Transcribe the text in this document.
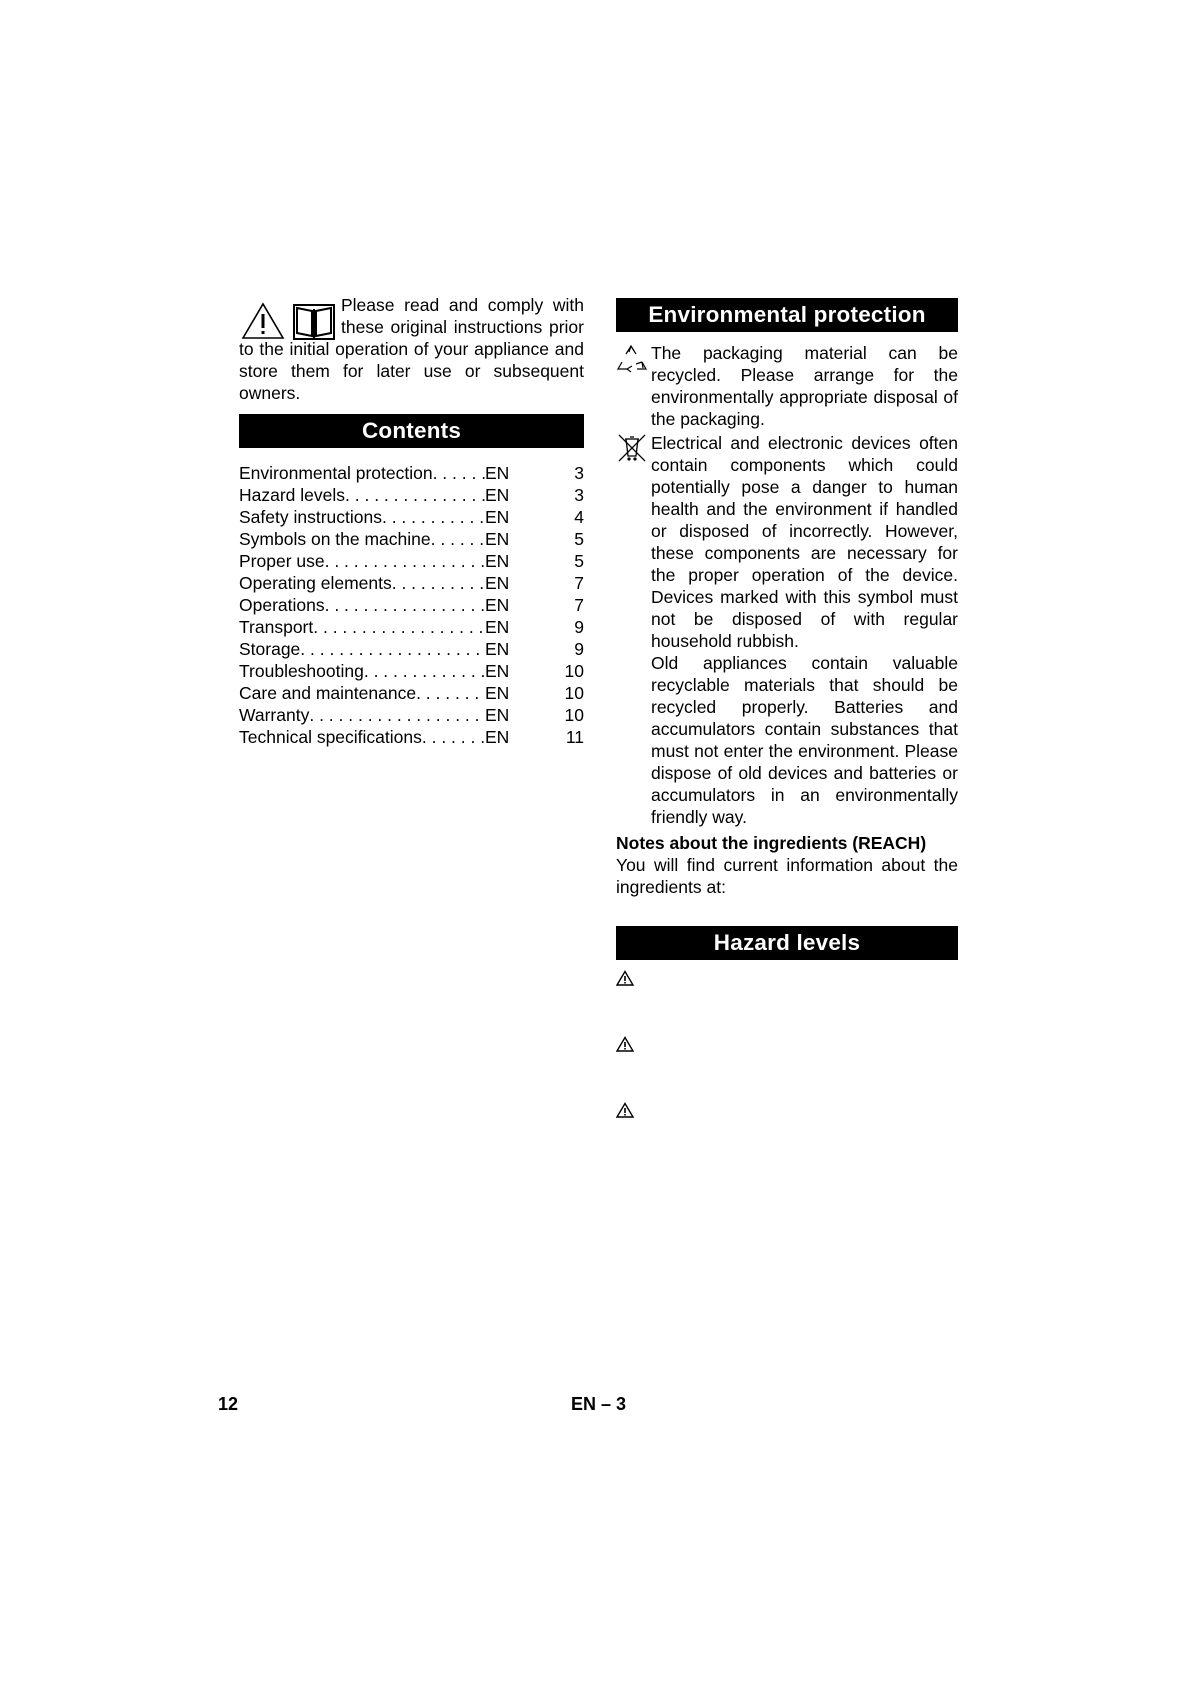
Please read and comply with these original instructions prior to the initial operation of your appliance and store them for later use or subsequent owners.
Contents
Environmental protection . . .	EN	3
Hazard levels . . .	EN	3
Safety instructions . . .	EN	4
Symbols on the machine . . .	EN	5
Proper use . . .	EN	5
Operating elements . . .	EN	7
Operations . . .	EN	7
Transport . . .	EN	9
Storage . . .	EN	9
Troubleshooting . . .	EN	10
Care and maintenance . . .	EN	10
Warranty . . .	EN	10
Technical specifications . . .	EN	11
Environmental protection
The packaging material can be recycled. Please arrange for the environmentally appropriate disposal of the packaging.
Electrical and electronic devices often contain components which could potentially pose a danger to human health and the environment if handled or disposed of incorrectly. However, these components are necessary for the proper operation of the device. Devices marked with this symbol must not be disposed of with regular household rubbish.
Old appliances contain valuable recyclable materials that should be recycled properly. Batteries and accumulators contain substances that must not enter the environment. Please dispose of old devices and batteries or accumulators in an environmentally friendly way.
Notes about the ingredients (REACH)
You will find current information about the ingredients at:
Hazard levels
12	EN – 3
